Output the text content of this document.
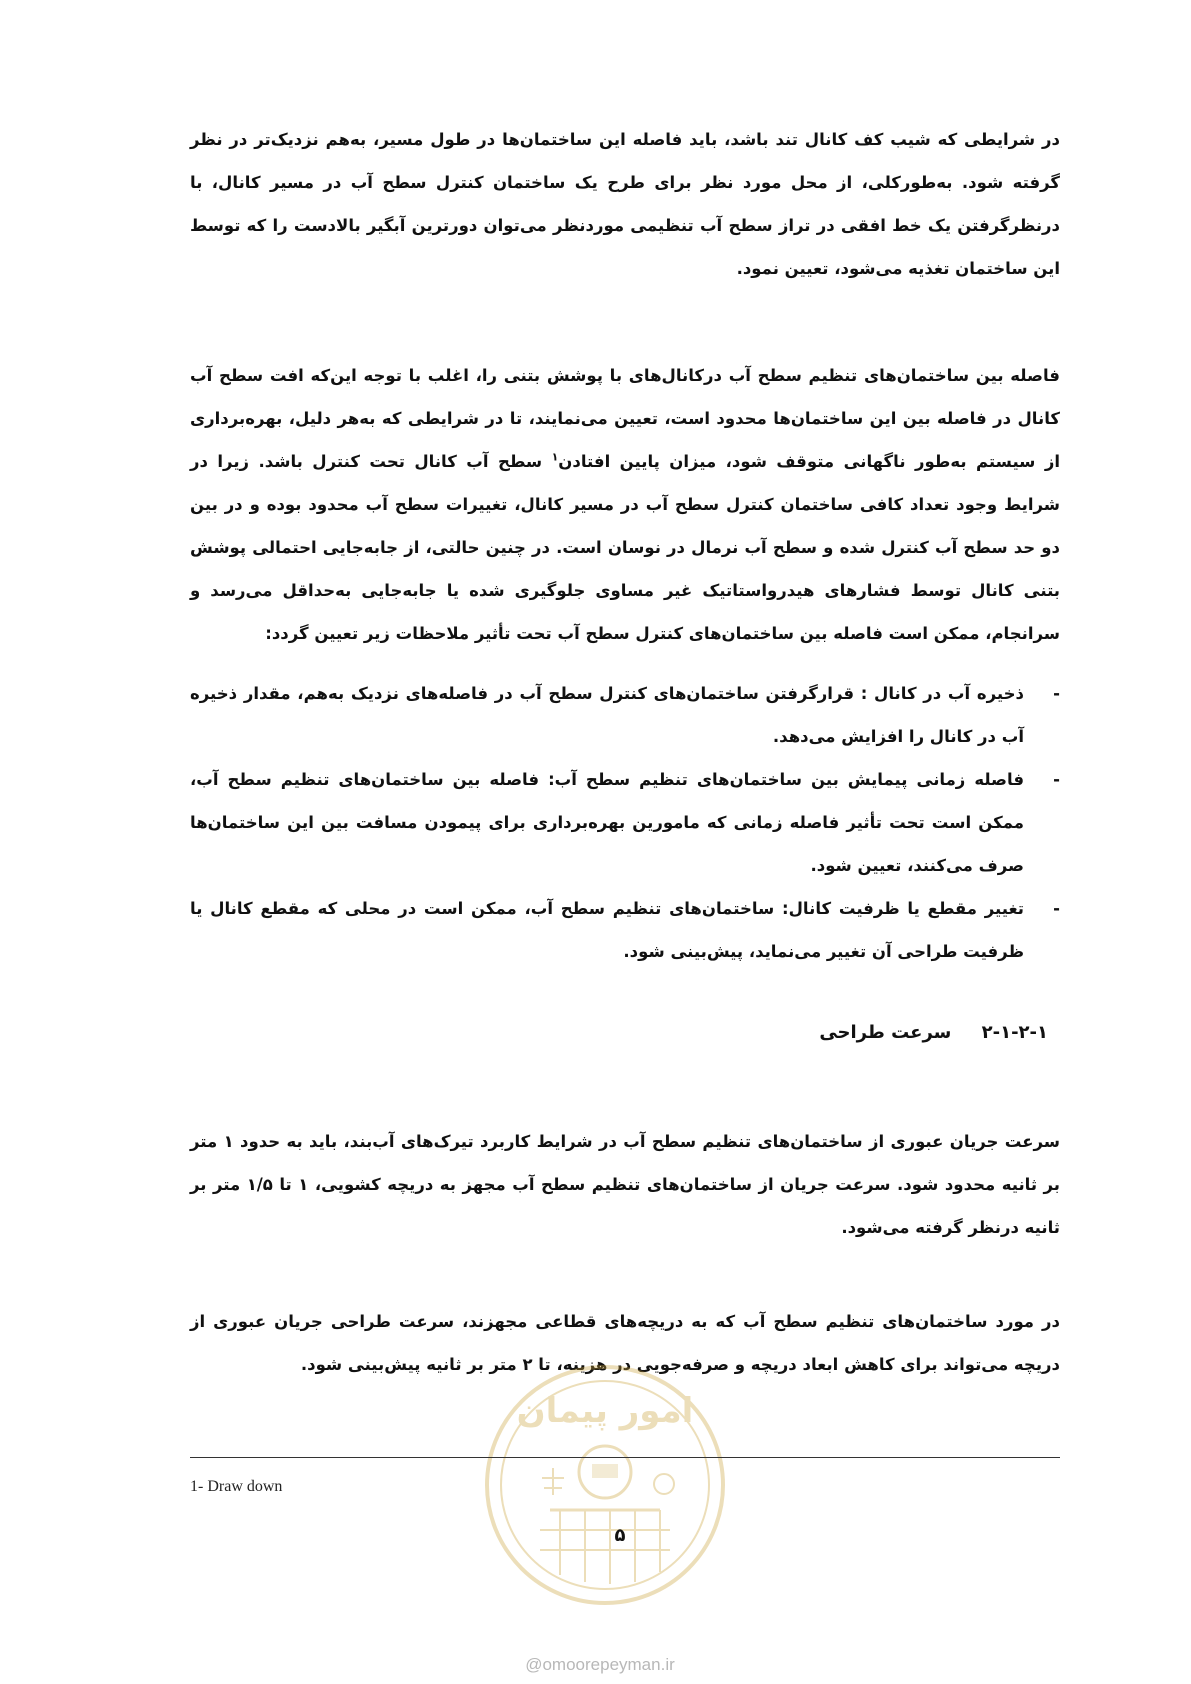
در شرایطی که شیب کف کانال تند باشد، باید فاصله این ساختمان‌ها در طول مسیر، به‌هم نزدیک‌تر در نظر گرفته شود. به‌طورکلی، از محل مورد نظر برای طرح یک ساختمان کنترل سطح آب در مسیر کانال، با درنظرگرفتن یک خط افقی در تراز سطح آب تنظیمی موردنظر می‌توان دورترین آبگیر بالادست را که توسط این ساختمان تغذیه می‌شود، تعیین نمود.

فاصله بین ساختمان‌های تنظیم سطح آب درکانال‌های با پوشش بتنی را، اغلب با توجه این‌که افت سطح آب کانال در فاصله بین این ساختمان‌ها محدود است، تعیین می‌نمایند، تا در شرایطی که به‌هر دلیل، بهره‌برداری از سیستم به‌طور ناگهانی متوقف شود، میزان پایین افتادن$^۱$ سطح آب کانال تحت کنترل باشد. زیرا در شرایط وجود تعداد کافی ساختمان کنترل سطح آب در مسیر کانال، تغییرات سطح آب محدود بوده و در بین دو حد سطح آب کنترل شده و سطح آب نرمال در نوسان است. در چنین حالتی، از جابه‌جایی احتمالی پوشش بتنی کانال توسط فشارهای هیدرواستاتیک غیر مساوی جلوگیری شده یا جابه‌جایی به‌حداقل می‌رسد و سرانجام، ممکن است فاصله بین ساختمان‌های کنترل سطح آب تحت تأثیر ملاحظات زیر تعیین گردد:

-
ذخیره آب در کانال : قرارگرفتن ساختمان‌های کنترل سطح آب در فاصله‌های نزدیک به‌هم، مقدار ذخیره آب در کانال را افزایش می‌دهد.
-
فاصله زمانی پیمایش بین ساختمان‌های تنظیم سطح آب: فاصله بین ساختمان‌های تنظیم سطح آب، ممکن است تحت تأثیر فاصله زمانی که مامورین بهره‌برداری برای پیمودن مسافت بین این ساختمان‌ها صرف می‌کنند، تعیین شود.
-
تغییر مقطع یا ظرفیت کانال: ساختمان‌های تنظیم سطح آب، ممکن است در محلی که مقطع کانال یا ظرفیت طراحی آن تغییر می‌نماید، پیش‌بینی شود.
۲-۱-۲-۱ سرعت طراحی

سرعت جریان عبوری از ساختمان‌های تنظیم سطح آب در شرایط کاربرد تیرک‌های آب‌بند، باید به حدود ۱ متر بر ثانیه محدود شود. سرعت جریان از ساختمان‌های تنظیم سطح آب مجهز به دریچه کشویی، ۱ تا ۱/۵ متر بر ثانیه درنظر گرفته می‌شود.

در مورد ساختمان‌های تنظیم سطح آب که به دریچه‌های قطاعی مجهزند، سرعت طراحی جریان عبوری از دریچه می‌تواند برای کاهش ابعاد دریچه و صرفه‌جویی در هزینه، تا ۲ متر بر ثانیه پیش‌بینی شود.

امور پیمان
1- Draw down
۵
@omoorepeyman.ir
